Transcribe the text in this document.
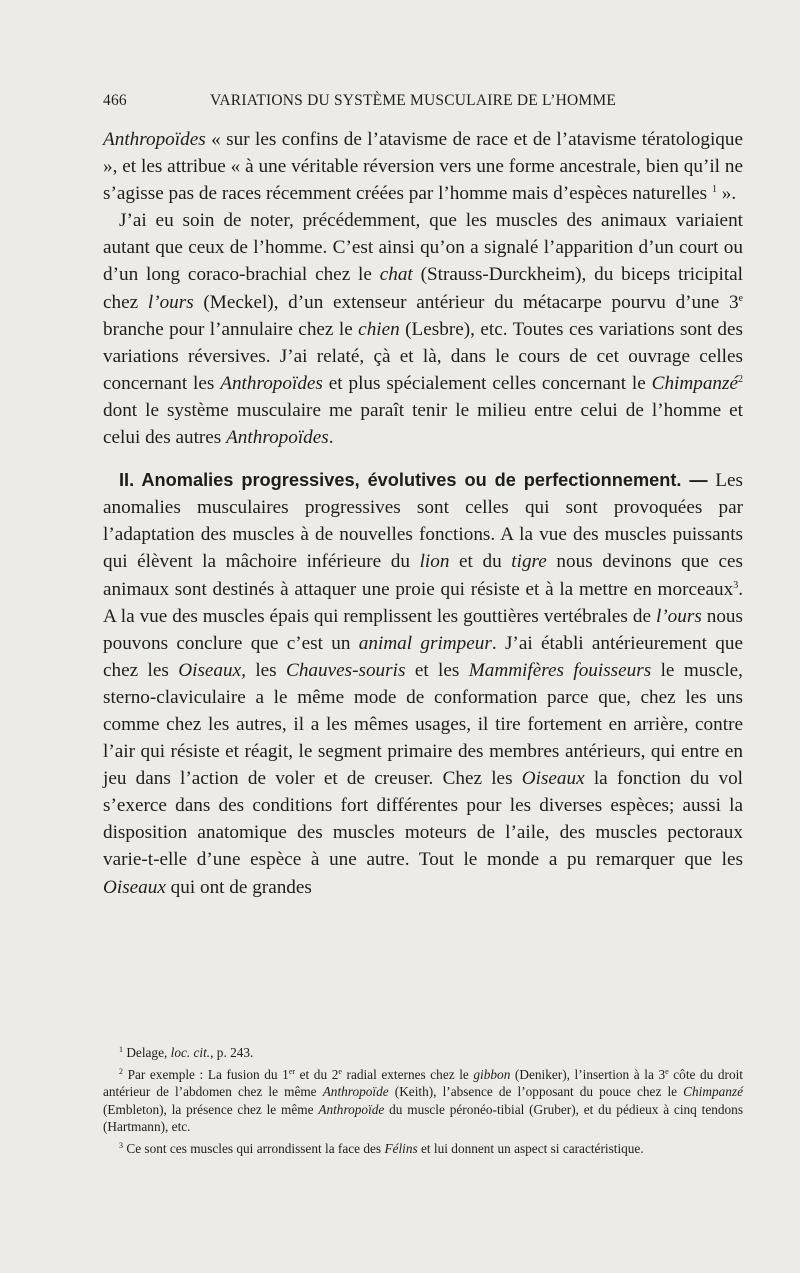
466	VARIATIONS DU SYSTÈME MUSCULAIRE DE L’HOMME

Anthropoïdes « sur les confins de l’atavisme de race et de l’atavisme tératologique », et les attribue « à une véritable réversion vers une forme ancestrale, bien qu’il ne s’agisse pas de races récemment créées par l’homme mais d’espèces naturelles $^1$ ».

J’ai eu soin de noter, précédemment, que les muscles des animaux variaient autant que ceux de l’homme. C’est ainsi qu’on a signalé l’apparition d’un court ou d’un long coraco-brachial chez le chat (Strauss-Durckheim), du biceps tricipital chez l’ours (Meckel), d’un extenseur antérieur du métacarpe pourvu d’une 3e branche pour l’annulaire chez le chien (Lesbre), etc. Toutes ces variations sont des variations réversives. J’ai relaté, çà et là, dans le cours de cet ouvrage celles concernant les Anthropoïdes et plus spécialement celles concernant le Chimpanzé$^2$ dont le système musculaire me paraît tenir le milieu entre celui de l’homme et celui des autres Anthropoïdes.

II. Anomalies progressives, évolutives ou de perfectionnement. — Les anomalies musculaires progressives sont celles qui sont provoquées par l’adaptation des muscles à de nouvelles fonctions. A la vue des muscles puissants qui élèvent la mâchoire inférieure du lion et du tigre nous devinons que ces animaux sont destinés à attaquer une proie qui résiste et à la mettre en morceaux$^3$. A la vue des muscles épais qui remplissent les gouttières vertébrales de l’ours nous pouvons conclure que c’est un animal grimpeur. J’ai établi antérieurement que chez les Oiseaux, les Chauves-souris et les Mammifères fouisseurs le muscle, sterno-claviculaire a le même mode de conformation parce que, chez les uns comme chez les autres, il a les mêmes usages, il tire fortement en arrière, contre l’air qui résiste et réagit, le segment primaire des membres antérieurs, qui entre en jeu dans l’action de voler et de creuser. Chez les Oiseaux la fonction du vol s’exerce dans des conditions fort différentes pour les diverses espèces; aussi la disposition anatomique des muscles moteurs de l’aile, des muscles pectoraux varie-t-elle d’une espèce à une autre. Tout le monde a pu remarquer que les Oiseaux qui ont de grandes

$^1$ Delage, loc. cit., p. 243.

$^2$ Par exemple : La fusion du 1er et du 2e radial externes chez le gibbon (Deniker), l’insertion à la 3e côte du droit antérieur de l’abdomen chez le même Anthropoïde (Keith), l’absence de l’opposant du pouce chez le Chimpanzé (Embleton), la présence chez le même Anthropoïde du muscle péronéo-tibial (Gruber), et du pédieux à cinq tendons (Hartmann), etc.

$^3$ Ce sont ces muscles qui arrondissent la face des Félins et lui donnent un aspect si caractéristique.
